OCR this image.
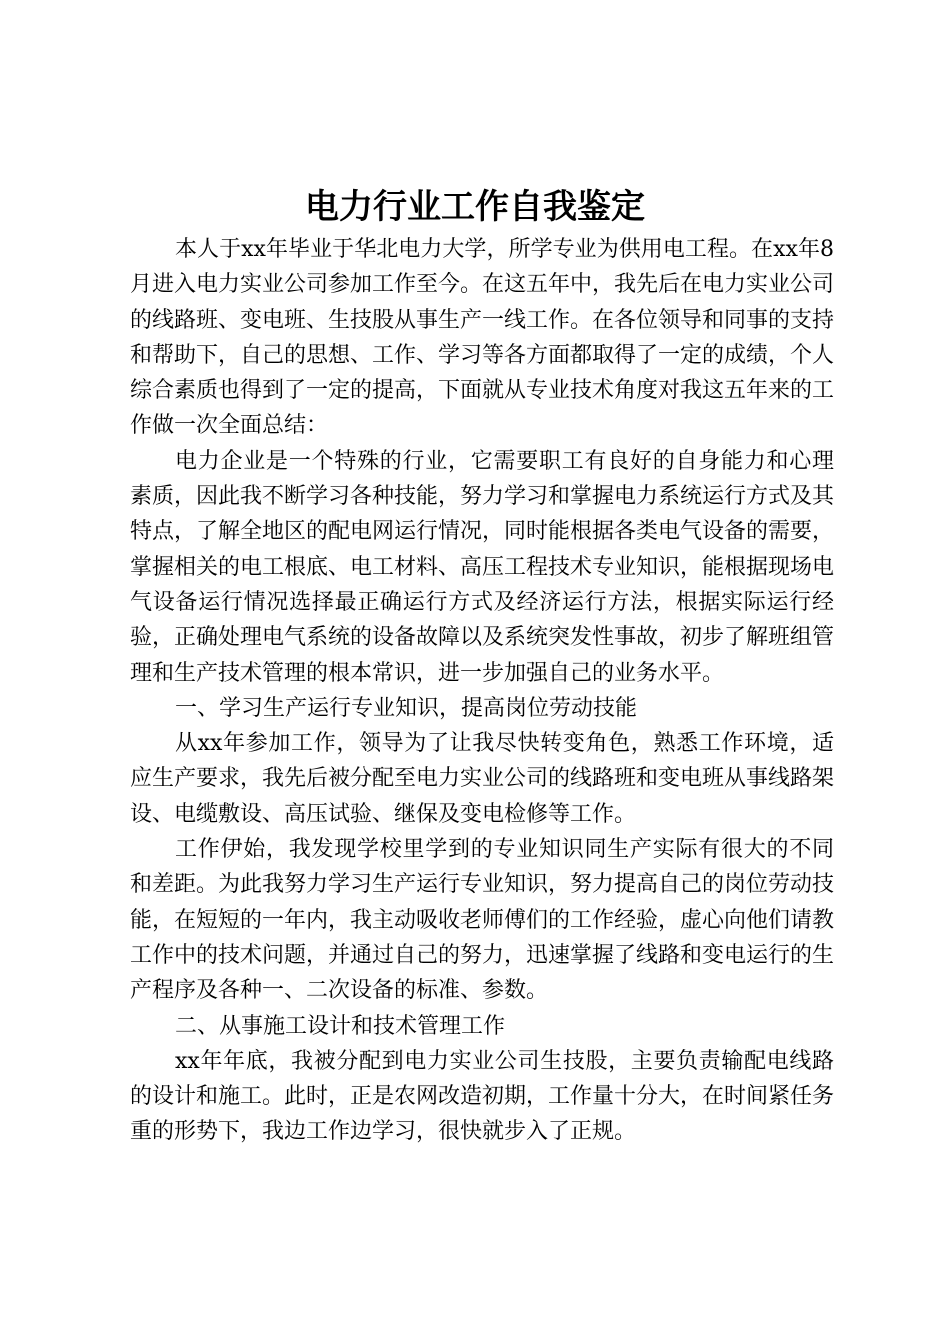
电力行业工作自我鉴定

本人于xx年毕业于华北电力大学，所学专业为供用电工程。在xx年8月进入电力实业公司参加工作至今。在这五年中，我先后在电力实业公司的线路班、变电班、生技股从事生产一线工作。在各位领导和同事的支持和帮助下，自己的思想、工作、学习等各方面都取得了一定的成绩，个人综合素质也得到了一定的提高，下面就从专业技术角度对我这五年来的工作做一次全面总结：

电力企业是一个特殊的行业，它需要职工有良好的自身能力和心理素质，因此我不断学习各种技能，努力学习和掌握电力系统运行方式及其特点，了解全地区的配电网运行情况，同时能根据各类电气设备的需要，掌握相关的电工根底、电工材料、高压工程技术专业知识，能根据现场电气设备运行情况选择最正确运行方式及经济运行方法，根据实际运行经验，正确处理电气系统的设备故障以及系统突发性事故，初步了解班组管理和生产技术管理的根本常识，进一步加强自己的业务水平。

一、学习生产运行专业知识，提高岗位劳动技能

从xx年参加工作，领导为了让我尽快转变角色，熟悉工作环境，适应生产要求，我先后被分配至电力实业公司的线路班和变电班从事线路架设、电缆敷设、高压试验、继保及变电检修等工作。

工作伊始，我发现学校里学到的专业知识同生产实际有很大的不同和差距。为此我努力学习生产运行专业知识，努力提高自己的岗位劳动技能，在短短的一年内，我主动吸收老师傅们的工作经验，虚心向他们请教工作中的技术问题，并通过自己的努力，迅速掌握了线路和变电运行的生产程序及各种一、二次设备的标准、参数。

二、从事施工设计和技术管理工作

xx年年底，我被分配到电力实业公司生技股，主要负责输配电线路的设计和施工。此时，正是农网改造初期，工作量十分大，在时间紧任务重的形势下，我边工作边学习，很快就步入了正规。
